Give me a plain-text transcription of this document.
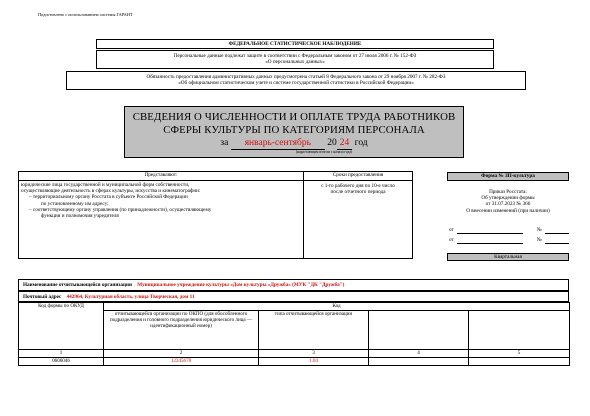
Подготовлено с использованием системы ГАРАНТ
ФЕДЕРАЛЬНОЕ СТАТИСТИЧЕСКОЕ НАБЛЮДЕНИЕ
Персональные данные подлежат защите в соответствии с Федеральным законом от 27 июля 2006 г. № 152-ФЗ
«О персональных данных»
Обязанность предоставления административных данных предусмотрена статьей 8 Федерального закона от 29 ноября 2007 г. № 282-ФЗ
«Об официальном статистическом учете и системе государственной статистики в Российской Федерации»
СВЕДЕНИЯ О ЧИСЛЕННОСТИ И ОПЛАТЕ ТРУДА РАБОТНИКОВ
СФЕРЫ КУЛЬТУРЫ ПО КАТЕГОРИЯМ ПЕРСОНАЛА
за январь-сентябрь 20 24 год
(нарастающим итогом с начала года)
Представляют:
юридические лица государственной и муниципальной форм собственности,
осуществляющие деятельность в сферах культуры, искусства и кинематографии:
– территориальному органу Росстата в субъекте Российской Федерации
по установленному им адресу;
– соответствующему органу управления (по принадлежности), осуществляющему
функции и полномочия учредителя
Сроки предоставления
с 1-го рабочего дня по 10-е число
после отчетного периода
Форма № ЗП-культура
Приказ Росстата:
Об утверждении формы
от 31.07.2023 № 366
О внесении изменений (при наличии)
от	№
от	№
Квартальная
Наименование отчитывающейся организации Муниципальное учреждение культуры «Дом культуры «Дружба» (МУК "ДК "Дружба")
Почтовый адрес 442964, Культурная область, улица Творческая, дом 11
Код формы по ОКУД	Код			
	отчитывающейся организации по ОКПО (для обособленного подразделения и головного подразделения юридического лица — идентификационный номер)	типа отчитывающейся организации		
1	2	3	4	5
0606046	12345678	1.04		
